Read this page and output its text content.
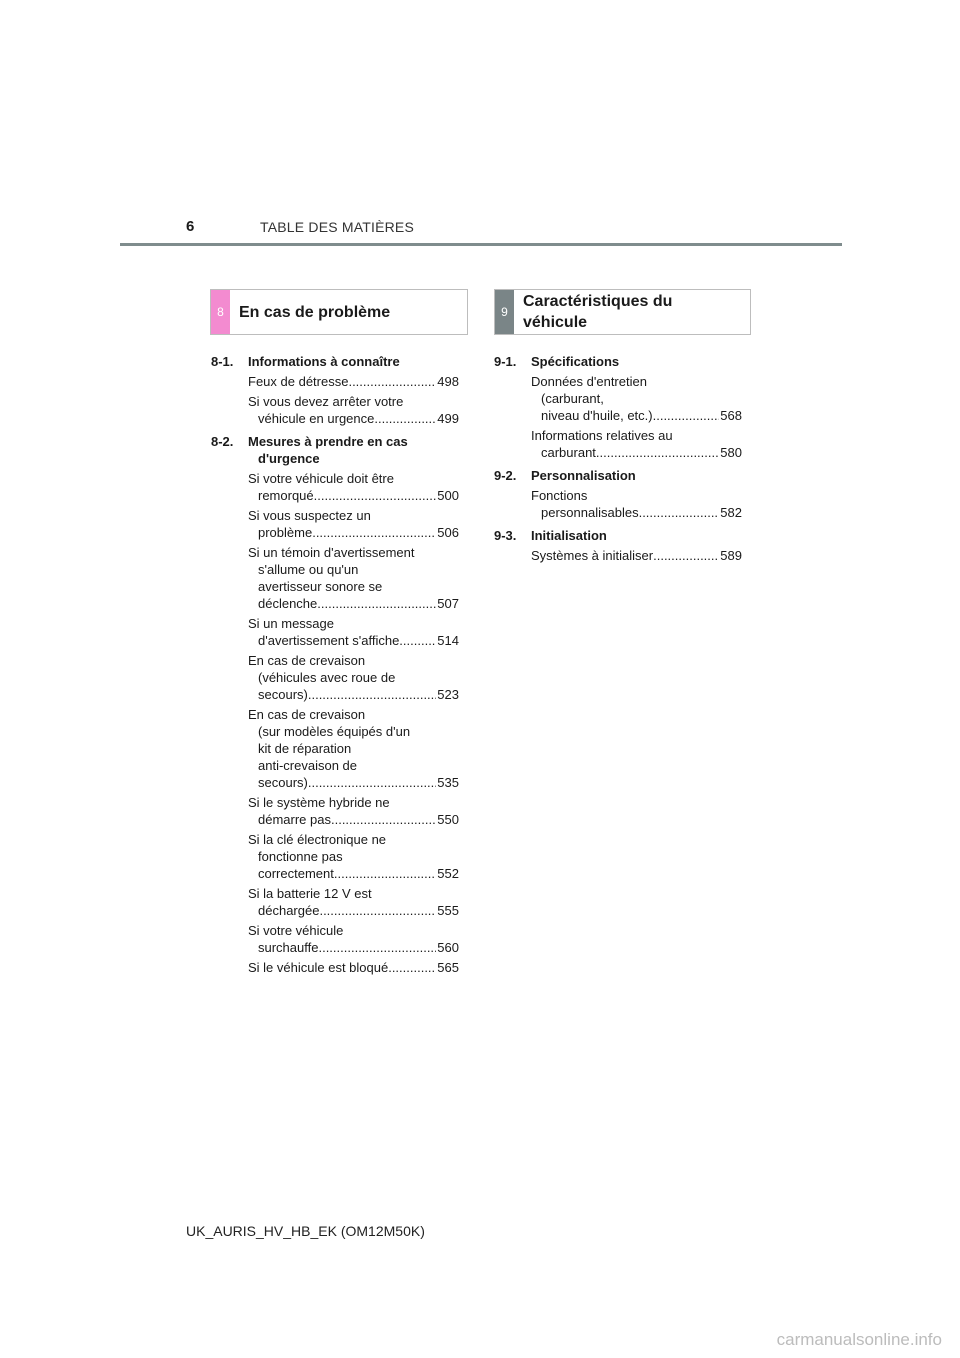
6	TABLE DES MATIÈRES
8 En cas de problème	9
Caractéristiques du
véhicule
8-1.	Informations à connaître
Feux de détresse .....	498
Si vous devez arrêter votre
véhicule en urgence .....	499
8-2.	Mesures à prendre en cas
d'urgence
Si votre véhicule doit être
remorqué .....	500
Si vous suspectez un
problème .....	506
Si un témoin d'avertissement
s'allume ou qu'un
avertisseur sonore se
déclenche .....	507
Si un message
d'avertissement s'affiche .....	514
En cas de crevaison
(véhicules avec roue de
secours) .....	523
En cas de crevaison
(sur modèles équipés d'un
kit de réparation
anti-crevaison de
secours) .....	535
Si le système hybride ne
démarre pas .....	550
Si la clé électronique ne
fonctionne pas
correctement .....	552
Si la batterie 12 V est
déchargée .....	555
Si votre véhicule
surchauffe .....	560
Si le véhicule est bloqué .....	565
9-1.	Spécifications
Données d'entretien
(carburant,
niveau d'huile, etc.) .....	568
Informations relatives au
carburant .....	580
9-2.	Personnalisation
Fonctions
personnalisables .....	582
9-3.	Initialisation
Systèmes à initialiser .....	589
UK_AURIS_HV_HB_EK (OM12M50K)
carmanualsonline.info
